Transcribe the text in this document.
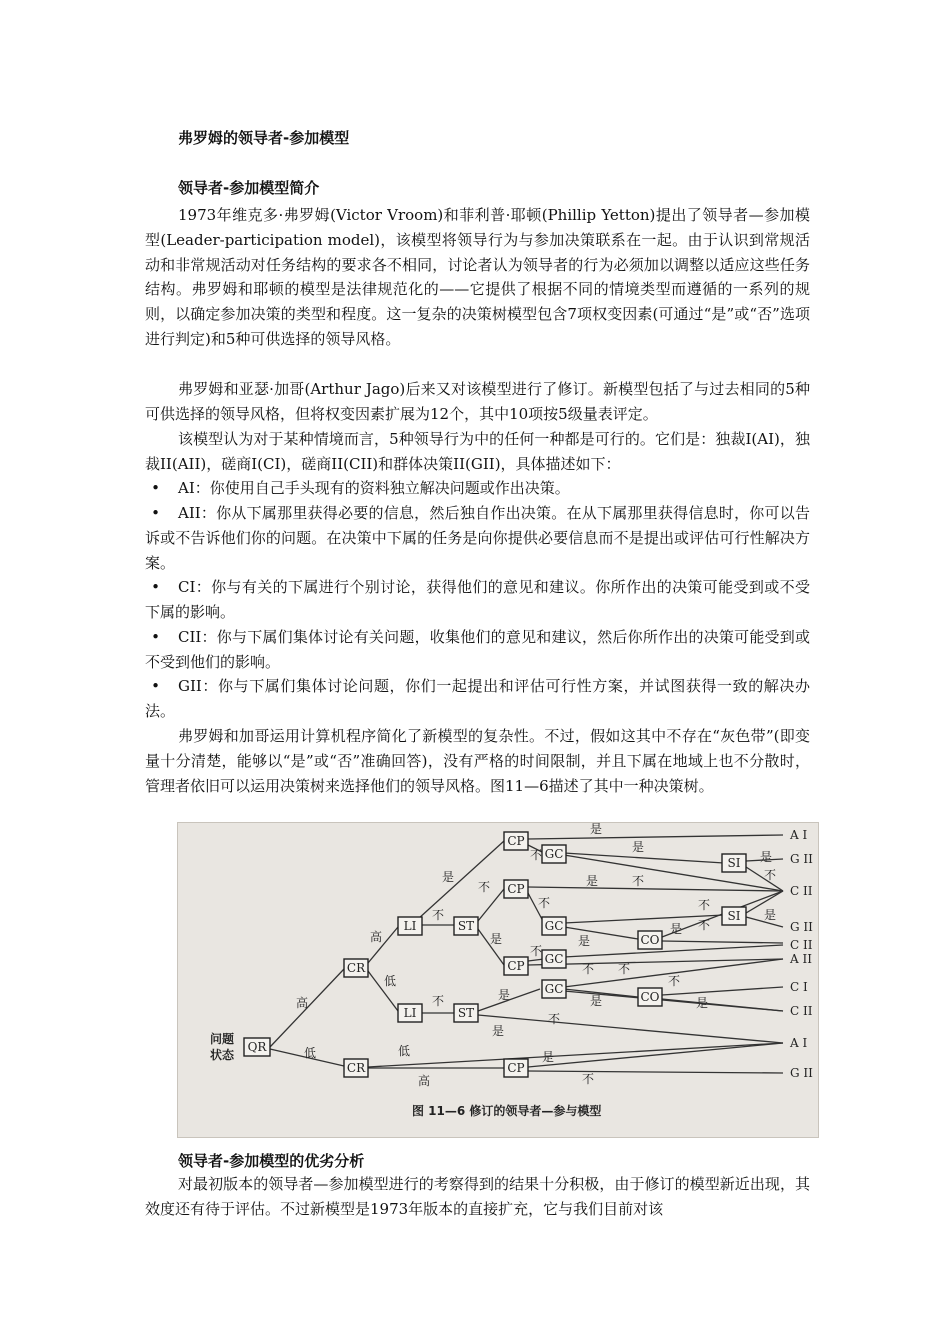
弗罗姆的领导者-参加模型
领导者-参加模型简介

1973年维克多·弗罗姆(Victor Vroom)和菲利普·耶顿(Phillip Yetton)提出了领导者—参加模型(Leader-participation model)，该模型将领导行为与参加决策联系在一起。由于认识到常规活动和非常规活动对任务结构的要求各不相同，讨论者认为领导者的行为必须加以调整以适应这些任务结构。弗罗姆和耶顿的模型是法律规范化的——它提供了根据不同的情境类型而遵循的一系列的规则，以确定参加决策的类型和程度。这一复杂的决策树模型包含7项权变因素(可通过“是”或“否”选项进行判定)和5种可供选择的领导风格。

弗罗姆和亚瑟·加哥(Arthur Jago)后来又对该模型进行了修订。新模型包括了与过去相同的5种可供选择的领导风格，但将权变因素扩展为12个，其中10项按5级量表评定。

该模型认为对于某种情境而言，5种领导行为中的任何一种都是可行的。它们是：独裁I(AI)，独裁II(AII)，磋商I(CI)，磋商II(CII)和群体决策II(GII)，具体描述如下：

• AI：你使用自己手头现有的资料独立解决问题或作出决策。

• AII：你从下属那里获得必要的信息，然后独自作出决策。在从下属那里获得信息时，你可以告诉或不告诉他们你的问题。在决策中下属的任务是向你提供必要信息而不是提出或评估可行性解决方案。

• CI：你与有关的下属进行个别讨论，获得他们的意见和建议。你所作出的决策可能受到或不受下属的影响。

• CII：你与下属们集体讨论有关问题，收集他们的意见和建议，然后你所作出的决策可能受到或不受到他们的影响。

• GII：你与下属们集体讨论问题，你们一起提出和评估可行性方案，并试图获得一致的解决办法。

弗罗姆和加哥运用计算机程序简化了新模型的复杂性。不过，假如这其中不存在“灰色带”(即变量十分清楚，能够以“是”或“否”准确回答)，没有严格的时间限制，并且下属在地域上也不分散时，管理者依旧可以运用决策树来选择他们的领导风格。图11—6描述了其中一种决策树。

QR
CR
CR
LI
LI
ST
ST
CP
CP
CP
CP
GC
GC
GC
GC
CO
CO
SI
SI
问题
状态
高
低
高
低
低
高
是
不
不
不
是
是
是
不
是
是
是	不
不
不
是
不
是
是
不
是
不
不 不
不
是	是
不
是
不
A I
G II
C II
G II
C II
A II
C I
C II
A I
G II
图 11—6 修订的领导者—参与模型
领导者-参加模型的优劣分析

对最初版本的领导者—参加模型进行的考察得到的结果十分积极，由于修订的模型新近出现，其效度还有待于评估。不过新模型是1973年版本的直接扩充，它与我们目前对该
